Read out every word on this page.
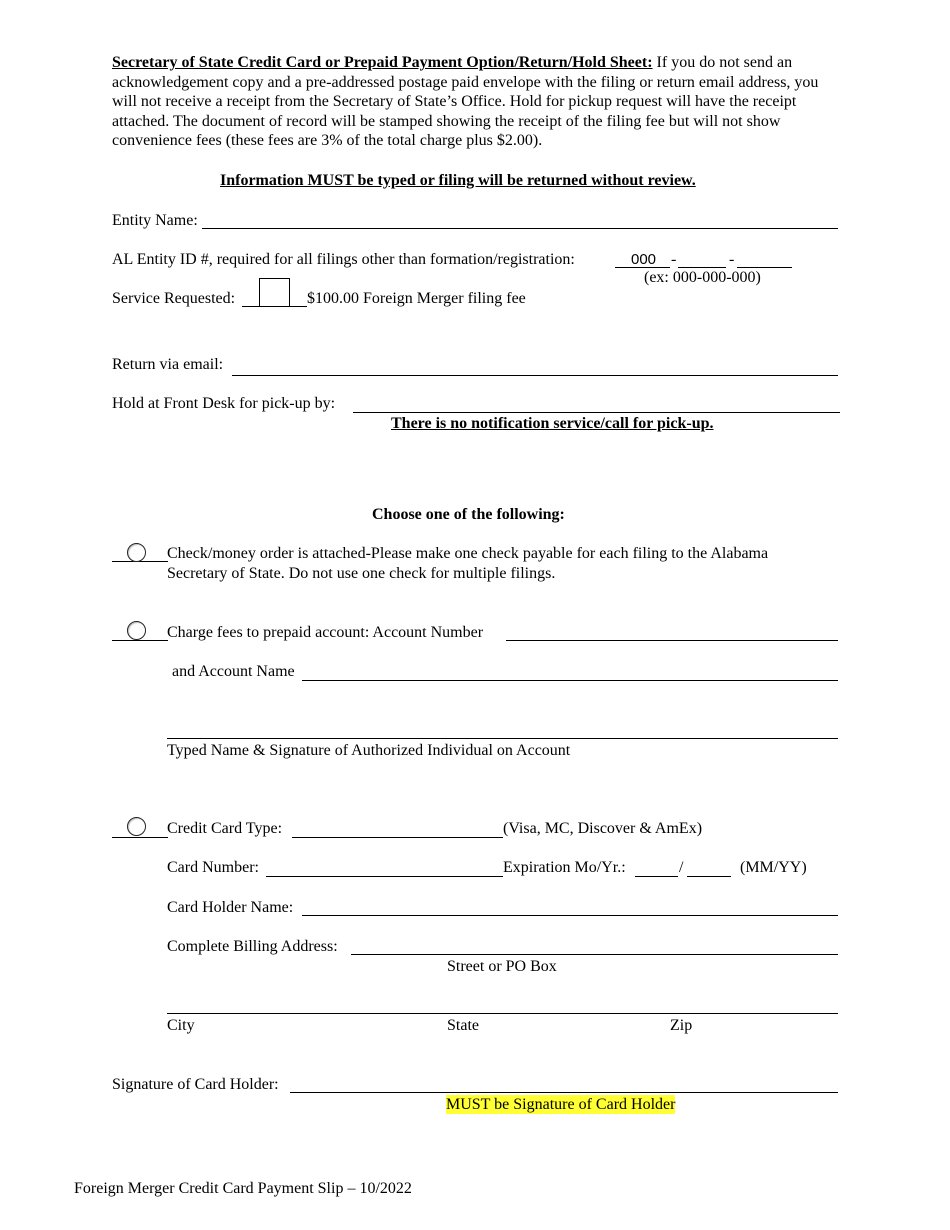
Secretary of State Credit Card or Prepaid Payment Option/Return/Hold Sheet: If you do not send an acknowledgement copy and a pre-addressed postage paid envelope with the filing or return email address, you will not receive a receipt from the Secretary of State’s Office. Hold for pickup request will have the receipt attached. The document of record will be stamped showing the receipt of the filing fee but will not show convenience fees (these fees are 3% of the total charge plus $2.00).
Information MUST be typed or filing will be returned without review.
Entity Name:
AL Entity ID #, required for all filings other than formation/registration:	000 -	-
(ex: 000-000-000)
Service Requested:	$100.00 Foreign Merger filing fee
Return via email:
Hold at Front Desk for pick-up by:
There is no notification service/call for pick-up.
Choose one of the following:
Check/money order is attached-Please make one check payable for each filing to the Alabama
Secretary of State. Do not use one check for multiple filings.
Charge fees to prepaid account: Account Number
and Account Name
Typed Name & Signature of Authorized Individual on Account
Credit Card Type:	(Visa, MC, Discover & AmEx)
Card Number:	Expiration Mo/Yr.:	/	(MM/YY)
Card Holder Name:
Complete Billing Address:
Street or PO Box
City	State	Zip
Signature of Card Holder:
MUST be Signature of Card Holder
Foreign Merger Credit Card Payment Slip – 10/2022
